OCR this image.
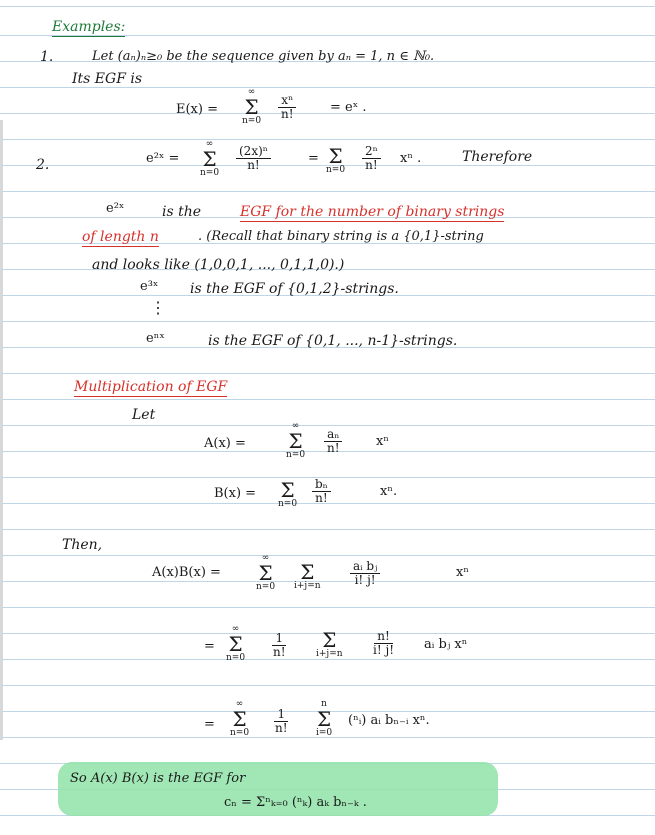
Examples:
1.	Let (aₙ)ₙ≥₀ be the sequence given by aₙ = 1, n ∈ ℕ₀.
Its EGF is
E(x) =
∞
Σ
$n=0 \frac{\text{xⁿ}}{n!}$	= eˣ .
2.	e²ˣ =
∞
Σ
n=0
$\frac{\text{(2x)ⁿ}}{n!}$	= Σ
$n=0 \frac{\text{2ⁿ}}{n!}$ xⁿ .	Therefore
e²ˣ	is the	EGF for the number of binary strings
of length n	. (Recall that binary string is a {0,1}-string
and looks like (1,0,0,1, ..., 0,1,1,0).)
e³ˣ is the EGF of {0,1,2}-strings.
⋮
eⁿˣ	is the EGF of {0,1, ..., n-1}-strings.
Multiplication of EGF
Let
A(x) =
∞
Σ
$n=0 \frac{\text{aₙ}}{n!}$	xⁿ
B(x) = Σ
$n=0 \frac{\text{bₙ}}{n!}$	xⁿ.
Then,
A(x)B(x) =
∞
Σ
n=0
Σ
$i+j=n \frac{\text{aᵢ bⱼ}}{i! j!}$	xⁿ
=
∞
Σ
$n=0 \frac{1}{n!}$ Σ
$i+j=n \frac{n!}{i! j!}$ aᵢ bⱼ xⁿ
=
∞
Σ
$n=0 \frac{1}{n!}$
n
Σ
i=0
(ⁿᵢ) aᵢ bₙ₋ᵢ xⁿ.
So A(x) B(x) is the EGF for
cₙ = Σⁿₖ₌₀ (ⁿₖ) aₖ bₙ₋ₖ .
